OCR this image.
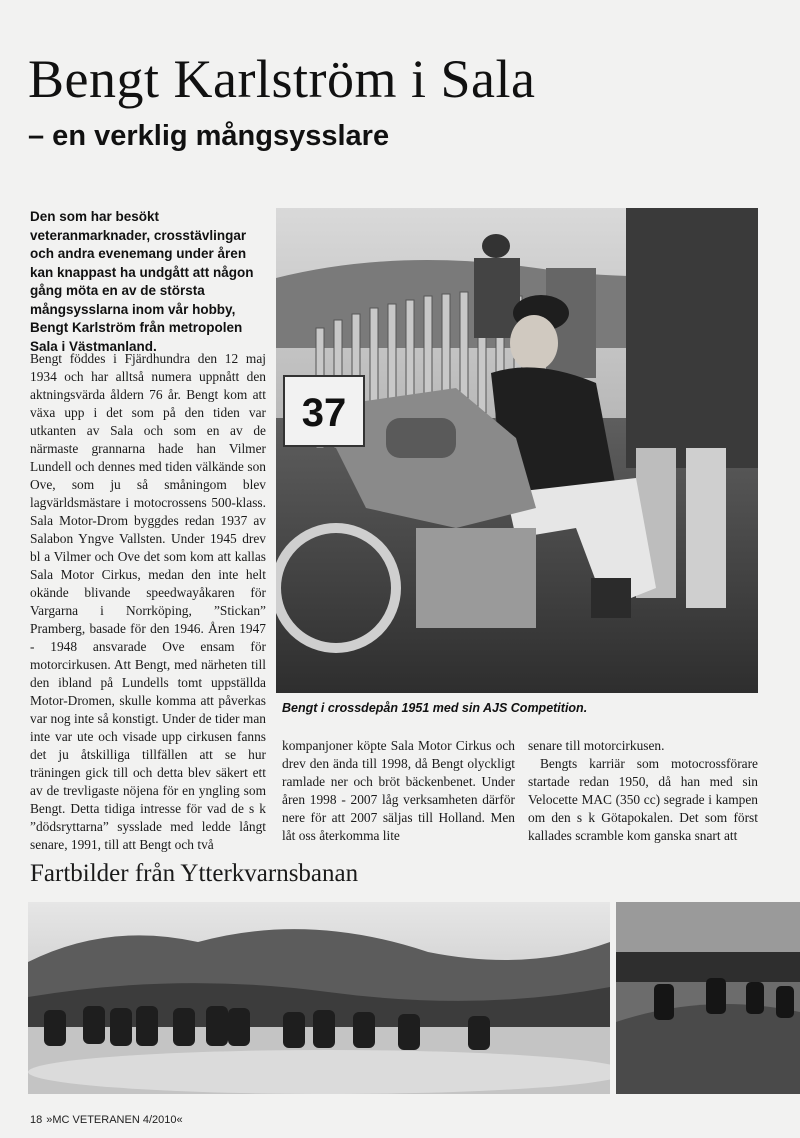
Bengt Karlström i Sala
– en verklig mångsysslare
Den som har besökt veteranmarknader, crosstävlingar och andra evenemang under åren kan knappast ha undgått att någon gång möta en av de största mångsysslarna inom vår hobby, Bengt Karlström från metropolen Sala i Västmanland.

Bengt föddes i Fjärdhundra den 12 maj 1934 och har alltså numera uppnått den aktningsvärda åldern 76 år. Bengt kom att växa upp i det som på den tiden var utkanten av Sala och som en av de närmaste grannarna hade han Vilmer Lundell och dennes med tiden välkände son Ove, som ju så småningom blev lagvärldsmästare i motocrossens 500-klass. Sala Motor-Drom byggdes redan 1937 av Salabon Yngve Vallsten. Under 1945 drev bl a Vilmer och Ove det som kom att kallas Sala Motor Cirkus, medan den inte helt okände blivande speedwayåkaren för Vargarna i Norrköping, ”Stickan” Pramberg, basade för den 1946. Åren 1947 - 1948 ansvarade Ove ensam för motorcirkusen. Att Bengt, med närheten till den ibland på Lundells tomt uppställda Motor-Dromen, skulle komma att påverkas var nog inte så konstigt. Under de tider man inte var ute och visade upp cirkusen fanns det ju åtskilliga tillfällen att se hur träningen gick till och detta blev säkert ett av de trevligaste nöjena för en yngling som Bengt. Detta tidiga intresse för vad de s k ”dödsryttarna” sysslade med ledde långt senare, 1991, till att Bengt och två

37
Bengt i crossdepån 1951 med sin AJS Competition.

kompanjoner köpte Sala Motor Cirkus och drev den ända till 1998, då Bengt olyckligt ramlade ner och bröt bäckenbenet. Under åren 1998 - 2007 låg verksamheten därför nere för att 2007 säljas till Holland. Men låt oss återkomma lite

senare till motorcirkusen.

Bengts karriär som motocrossförare startade redan 1950, då han med sin Velocette MAC (350 cc) segrade i kampen om den s k Götapokalen. Det som först kallades scramble kom ganska snart att

Fartbilder från Ytterkvarnsbanan
18 »MC VETERANEN 4/2010«
